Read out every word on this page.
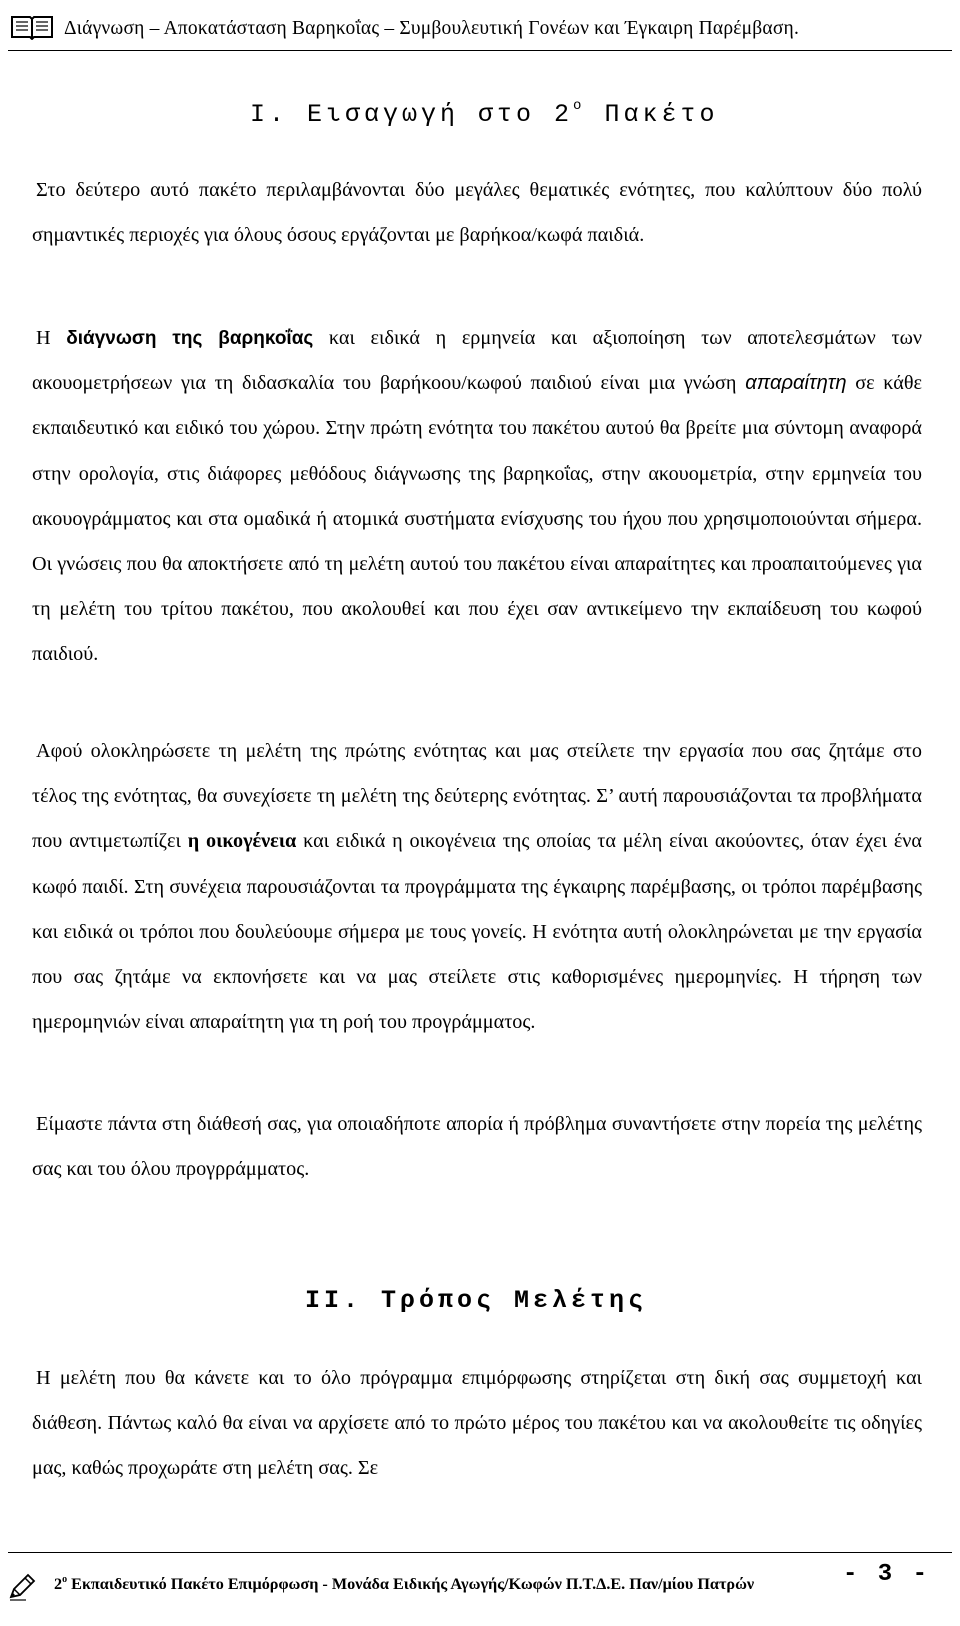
Διάγνωση – Αποκατάσταση Βαρηκοΐας – Συμβουλευτική Γονέων και Έγκαιρη Παρέμβαση.
Ι. Εισαγωγή στο $2^o$ Πακέτο

Στο δεύτερο αυτό πακέτο περιλαμβάνονται δύο μεγάλες θεματικές ενότητες, που καλύπτουν δύο πολύ σημαντικές περιοχές για όλους όσους εργάζονται με βαρήκοα/κωφά παιδιά.

Η διάγνωση της βαρηκοΐας και ειδικά η ερμηνεία και αξιοποίηση των αποτελεσμάτων των ακουομετρήσεων για τη διδασκαλία του βαρήκοου/κωφού παιδιού είναι μια γνώση απαραίτητη σε κάθε εκπαιδευτικό και ειδικό του χώρου. Στην πρώτη ενότητα του πακέτου αυτού θα βρείτε μια σύντομη αναφορά στην ορολογία, στις διάφορες μεθόδους διάγνωσης της βαρηκοΐας, στην ακουομετρία, στην ερμηνεία του ακουογράμματος και στα ομαδικά ή ατομικά συστήματα ενίσχυσης του ήχου που χρησιμοποιούνται σήμερα. Οι γνώσεις που θα αποκτήσετε από τη μελέτη αυτού του πακέτου είναι απαραίτητες και προαπαιτούμενες για τη μελέτη του τρίτου πακέτου, που ακολουθεί και που έχει σαν αντικείμενο την εκπαίδευση του κωφού παιδιού.

Αφού ολοκληρώσετε τη μελέτη της πρώτης ενότητας και μας στείλετε την εργασία που σας ζητάμε στο τέλος της ενότητας, θα συνεχίσετε τη μελέτη της δεύτερης ενότητας. Σ’ αυτή παρουσιάζονται τα προβλήματα που αντιμετωπίζει η οικογένεια και ειδικά η οικογένεια της οποίας τα μέλη είναι ακούοντες, όταν έχει ένα κωφό παιδί. Στη συνέχεια παρουσιάζονται τα προγράμματα της έγκαιρης παρέμβασης, οι τρόποι παρέμβασης και ειδικά οι τρόποι που δουλεύουμε σήμερα με τους γονείς. Η ενότητα αυτή ολοκληρώνεται με την εργασία που σας ζητάμε να εκπονήσετε και να μας στείλετε στις καθορισμένες ημερομηνίες. Η τήρηση των ημερομηνιών είναι απαραίτητη για τη ροή του προγράμματος.

Είμαστε πάντα στη διάθεσή σας, για οποιαδήποτε απορία ή πρόβλημα συναντήσετε στην πορεία της μελέτης σας και του όλου προγρράμματος.

ΙΙ. Τρόπος Μελέτης

Η μελέτη που θα κάνετε και το όλο πρόγραμμα επιμόρφωσης στηρίζεται στη δική σας συμμετοχή και διάθεση. Πάντως καλό θα είναι να αρχίσετε από το πρώτο μέρος του πακέτου και να ακολουθείτε τις οδηγίες μας, καθώς προχωράτε στη μελέτη σας. Σε

$2^o$ Εκπαιδευτικό Πακέτο Επιμόρφωση - Μονάδα Ειδικής Αγωγής/Κωφών Π.Τ.Δ.Ε. Παν/μίου Πατρών	- 3 -
